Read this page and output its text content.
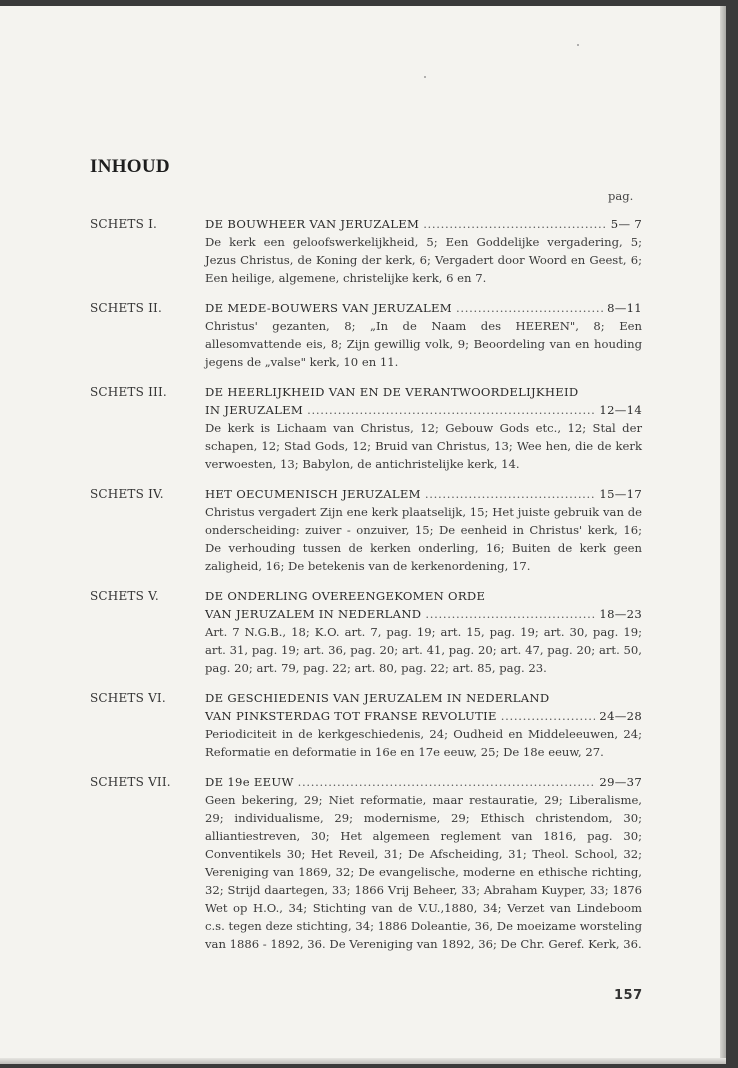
INHOUD
pag.
SCHETS I.	DE BOUWHEER VAN JERUZALEM . . .	5— 7
De kerk een geloofswerkelijkheid, 5; Een Goddelijke vergadering, 5; Jezus Christus, de Koning der kerk, 6; Vergadert door Woord en Geest, 6; Een heilige, algemene, christelijke kerk, 6 en 7.
SCHETS II.	DE MEDE-BOUWERS VAN JERUZALEM . . .	8—11
Christus' gezanten, 8; „In de Naam des HEEREN", 8; Een allesomvattende eis, 8; Zijn gewillig volk, 9; Beoordeling van en houding jegens de „valse" kerk, 10 en 11.
SCHETS III.	DE HEERLIJKHEID VAN EN DE VERANTWOORDELIJKHEID
IN JERUZALEM . . .	12—14
De kerk is Lichaam van Christus, 12; Gebouw Gods etc., 12; Stal der schapen, 12; Stad Gods, 12; Bruid van Christus, 13; Wee hen, die de kerk verwoesten, 13; Babylon, de antichristelijke kerk, 14.
SCHETS IV.	HET OECUMENISCH JERUZALEM . . .	15—17
Christus vergadert Zijn ene kerk plaatselijk, 15; Het juiste gebruik van de onderscheiding: zuiver - onzuiver, 15; De eenheid in Christus' kerk, 16; De verhouding tussen de kerken onderling, 16; Buiten de kerk geen zaligheid, 16; De betekenis van de kerkenordening, 17.
SCHETS V.	DE ONDERLING OVEREENGEKOMEN ORDE
VAN JERUZALEM IN NEDERLAND . . .	18—23
Art. 7 N.G.B., 18; K.O. art. 7, pag. 19; art. 15, pag. 19; art. 30, pag. 19; art. 31, pag. 19; art. 36, pag. 20; art. 41, pag. 20; art. 47, pag. 20; art. 50, pag. 20; art. 79, pag. 22; art. 80, pag. 22; art. 85, pag. 23.
SCHETS VI.	DE GESCHIEDENIS VAN JERUZALEM IN NEDERLAND
VAN PINKSTERDAG TOT FRANSE REVOLUTIE . . .	24—28
Periodiciteit in de kerkgeschiedenis, 24; Oudheid en Middeleeuwen, 24; Reformatie en deformatie in 16e en 17e eeuw, 25; De 18e eeuw, 27.
SCHETS VII.	DE 19e EEUW . . .	29—37
Geen bekering, 29; Niet reformatie, maar restauratie, 29; Liberalisme, 29; individualisme, 29; modernisme, 29; Ethisch christendom, 30; alliantiestreven, 30; Het algemeen reglement van 1816, pag. 30; Conventikels 30; Het Reveil, 31; De Afscheiding, 31; Theol. School, 32; Vereniging van 1869, 32; De evangelische, moderne en ethische richting, 32; Strijd daartegen, 33; 1866 Vrij Beheer, 33; Abraham Kuyper, 33; 1876 Wet op H.O., 34; Stichting van de V.U.,1880, 34; Verzet van Lindeboom c.s. tegen deze stichting, 34; 1886 Doleantie, 36, De moeizame worsteling van 1886 - 1892, 36. De Vereniging van 1892, 36; De Chr. Geref. Kerk, 36.
157
